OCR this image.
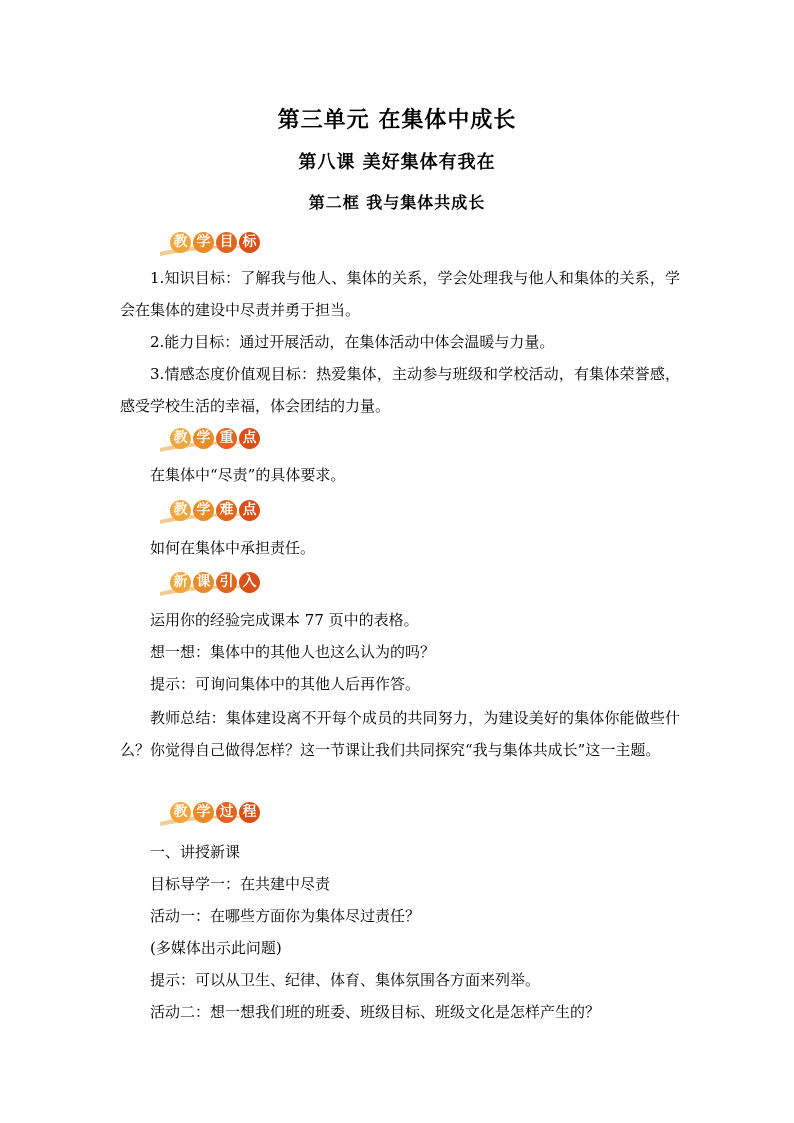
第三单元 在集体中成长
第八课 美好集体有我在
第二框 我与集体共成长
教 学 目 标
1.知识目标：了解我与他人、集体的关系，学会处理我与他人和集体的关系，学会在集体的建设中尽责并勇于担当。
2.能力目标：通过开展活动，在集体活动中体会温暖与力量。
3.情感态度价值观目标：热爱集体，主动参与班级和学校活动，有集体荣誉感，感受学校生活的幸福，体会团结的力量。
教 学 重 点
在集体中“尽责”的具体要求。
教 学 难 点
如何在集体中承担责任。
新 课 引 入
运用你的经验完成课本 77 页中的表格。
想一想：集体中的其他人也这么认为的吗？
提示：可询问集体中的其他人后再作答。
教师总结：集体建设离不开每个成员的共同努力，为建设美好的集体你能做些什么？你觉得自己做得怎样？这一节课让我们共同探究“我与集体共成长”这一主题。
教 学 过 程
一、讲授新课
目标导学一：在共建中尽责
活动一：在哪些方面你为集体尽过责任？
(多媒体出示此问题)
提示：可以从卫生、纪律、体育、集体氛围各方面来列举。
活动二：想一想我们班的班委、班级目标、班级文化是怎样产生的？
